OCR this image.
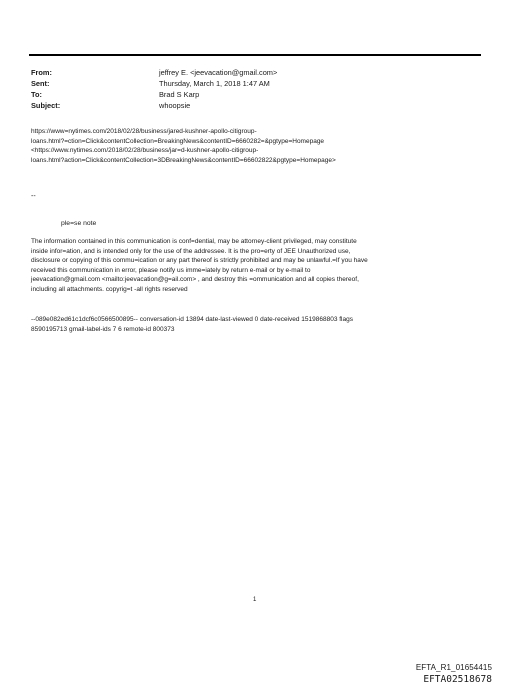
From:	jeffrey E. <jeevacation@gmail.com>
Sent:	Thursday, March 1, 2018 1:47 AM
To:	Brad S Karp
Subject:	whoopsie
https://www=nytimes.com/2018/02/28/business/jared-kushner-apollo-citigroup-
loans.html?=ction=Click&contentCollection=BreakingNews&contentID=6660282=&pgtype=Homepage
<https://www.nytimes.com/2018/02/28/business/jar=d-kushner-apollo-citigroup-
loans.html?action=Click&contentCollection=3DBreakingNews&contentID=66602822&pgtype=Homepage>
--
ple=se note
The information contained in this communication is conf=dential, may be attorney-client privileged, may constitute
inside infor=ation, and is intended only for the use of the addressee. It is the pro=erty of JEE Unauthorized use,
disclosure or copying of this commu=ication or any part thereof is strictly prohibited and may be unlawful.=If you have
received this communication in error, please notify us imme=iately by return e-mail or by e-mail to
jeevacation@gmail.com <mailto:jeevacation@g=ail.com> , and destroy this =ommunication and all copies thereof,
including all attachments. copyrig=t -all rights reserved
--089e082ed61c1dcf6c0566500895-- conversation-id 13894 date-last-viewed 0 date-received 1519868803 flags
8590195713 gmail-label-ids 7 6 remote-id 800373
1
EFTA_R1_01654415
EFTA02518678
